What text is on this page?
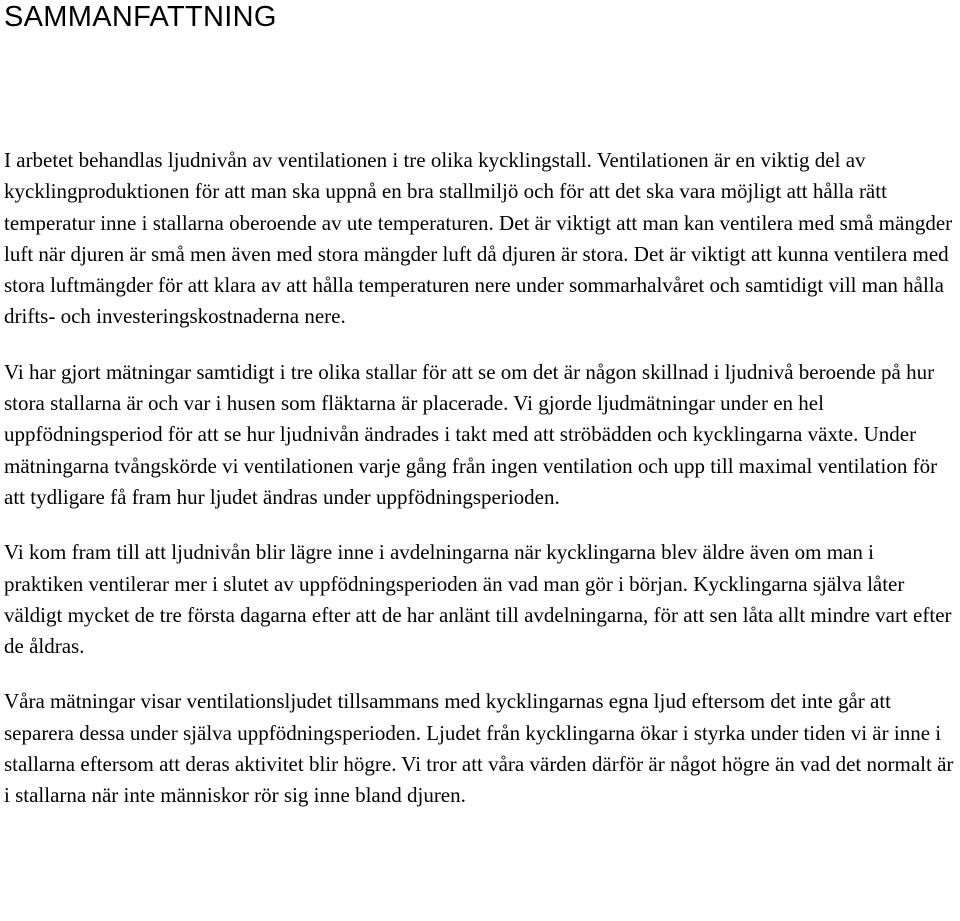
SAMMANFATTNING

I arbetet behandlas ljudnivån av ventilationen i tre olika kycklingstall. Ventilationen är en viktig del av kycklingproduktionen för att man ska uppnå en bra stallmiljö och för att det ska vara möjligt att hålla rätt temperatur inne i stallarna oberoende av ute temperaturen. Det är viktigt att man kan ventilera med små mängder luft när djuren är små men även med stora mängder luft då djuren är stora. Det är viktigt att kunna ventilera med stora luftmängder för att klara av att hålla temperaturen nere under sommarhalvåret och samtidigt vill man hålla drifts- och investeringskostnaderna nere.

Vi har gjort mätningar samtidigt i tre olika stallar för att se om det är någon skillnad i ljudnivå beroende på hur stora stallarna är och var i husen som fläktarna är placerade. Vi gjorde ljudmätningar under en hel uppfödningsperiod för att se hur ljudnivån ändrades i takt med att ströbädden och kycklingarna växte. Under mätningarna tvångskörde vi ventilationen varje gång från ingen ventilation och upp till maximal ventilation för att tydligare få fram hur ljudet ändras under uppfödningsperioden.

Vi kom fram till att ljudnivån blir lägre inne i avdelningarna när kycklingarna blev äldre även om man i praktiken ventilerar mer i slutet av uppfödningsperioden än vad man gör i början. Kycklingarna själva låter väldigt mycket de tre första dagarna efter att de har anlänt till avdelningarna, för att sen låta allt mindre vart efter de åldras.

Våra mätningar visar ventilationsljudet tillsammans med kycklingarnas egna ljud eftersom det inte går att separera dessa under själva uppfödningsperioden. Ljudet från kycklingarna ökar i styrka under tiden vi är inne i stallarna eftersom att deras aktivitet blir högre. Vi tror att våra värden därför är något högre än vad det normalt är i stallarna när inte människor rör sig inne bland djuren.
